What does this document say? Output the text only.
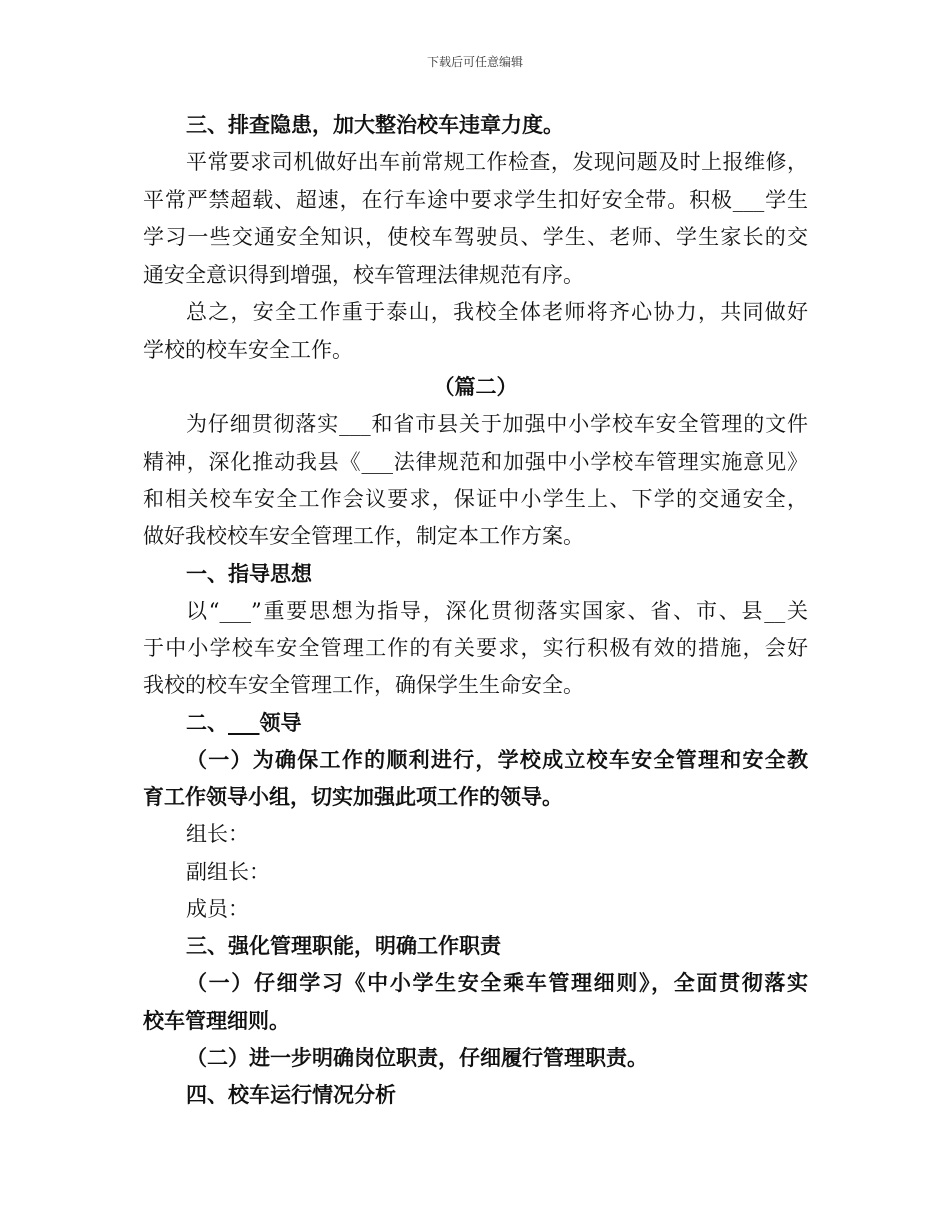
下载后可任意编辑
三、排查隐患，加大整治校车违章力度。
平常要求司机做好出车前常规工作检查，发现问题及时上报维修，
平常严禁超载、超速，在行车途中要求学生扣好安全带。积极___学生
学习一些交通安全知识，使校车驾驶员、学生、老师、学生家长的交
通安全意识得到增强，校车管理法律规范有序。
总之，安全工作重于泰山，我校全体老师将齐心协力，共同做好
学校的校车安全工作。
（篇二）
为仔细贯彻落实___和省市县关于加强中小学校车安全管理的文件
精神，深化推动我县《___法律规范和加强中小学校车管理实施意见》
和相关校车安全工作会议要求，保证中小学生上、下学的交通安全，
做好我校校车安全管理工作，制定本工作方案。
一、指导思想
以“___”重要思想为指导，深化贯彻落实国家、省、市、县__关
于中小学校车安全管理工作的有关要求，实行积极有效的措施，会好
我校的校车安全管理工作，确保学生生命安全。
二、___领导
（一）为确保工作的顺利进行，学校成立校车安全管理和安全教
育工作领导小组，切实加强此项工作的领导。
组长：
副组长：
成员：
三、强化管理职能，明确工作职责
（一）仔细学习《中小学生安全乘车管理细则》，全面贯彻落实
校车管理细则。
（二）进一步明确岗位职责，仔细履行管理职责。
四、校车运行情况分析
